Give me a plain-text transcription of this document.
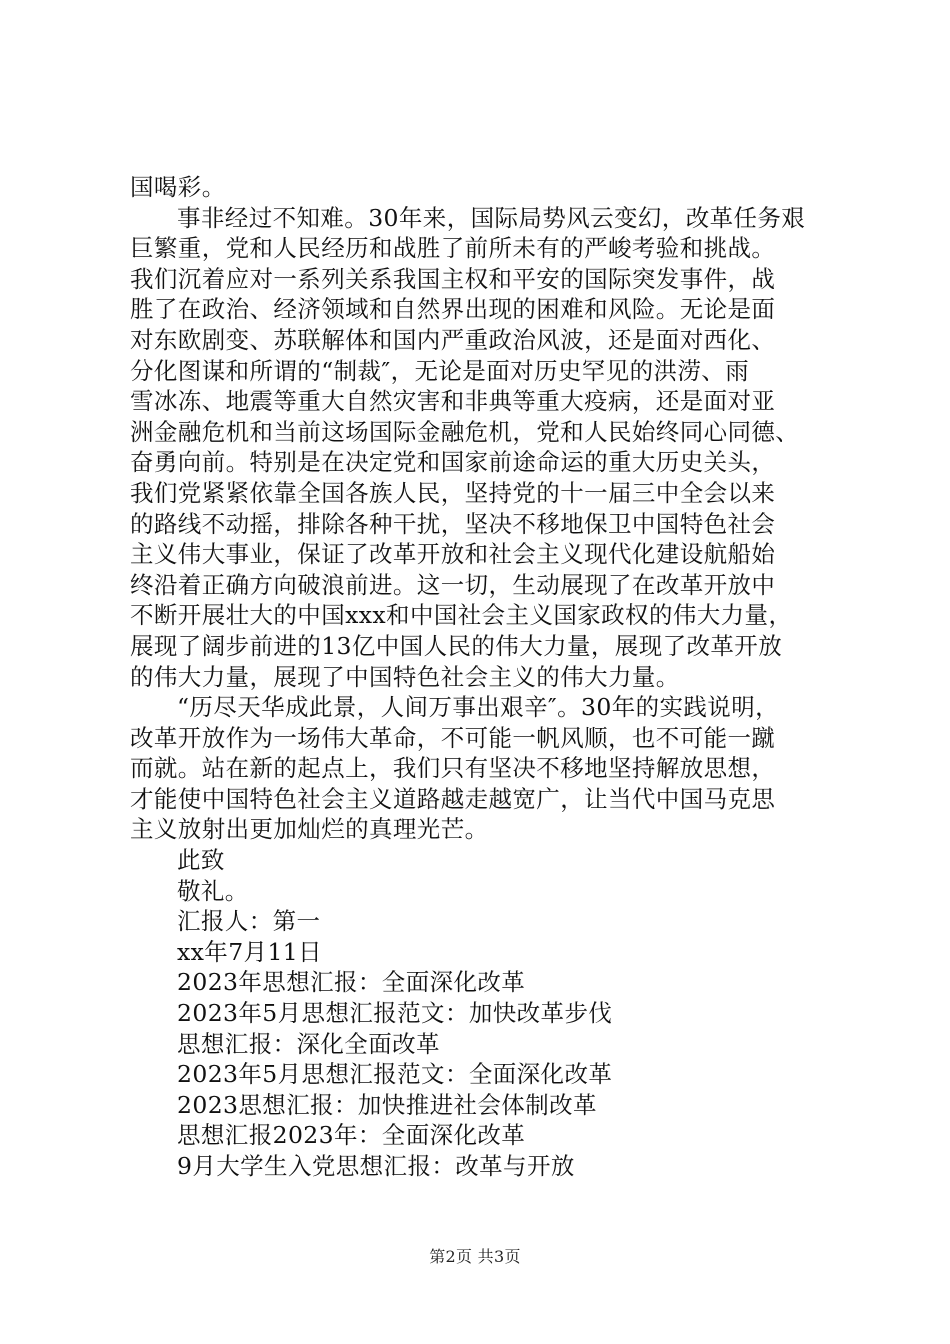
国喝彩。
事非经过不知难。30年来，国际局势风云变幻，改革任务艰
巨繁重，党和人民经历和战胜了前所未有的严峻考验和挑战。
我们沉着应对一系列关系我国主权和平安的国际突发事件，战
胜了在政治、经济领域和自然界出现的困难和风险。无论是面
对东欧剧变、苏联解体和国内严重政治风波，还是面对西化、
分化图谋和所谓的“制裁″，无论是面对历史罕见的洪涝、雨
雪冰冻、地震等重大自然灾害和非典等重大疫病，还是面对亚
洲金融危机和当前这场国际金融危机，党和人民始终同心同德、
奋勇向前。特别是在决定党和国家前途命运的重大历史关头，
我们党紧紧依靠全国各族人民，坚持党的十一届三中全会以来
的路线不动摇，排除各种干扰，坚决不移地保卫中国特色社会
主义伟大事业，保证了改革开放和社会主义现代化建设航船始
终沿着正确方向破浪前进。这一切，生动展现了在改革开放中
不断开展壮大的中国xxx和中国社会主义国家政权的伟大力量，
展现了阔步前进的13亿中国人民的伟大力量，展现了改革开放
的伟大力量，展现了中国特色社会主义的伟大力量。
“历尽天华成此景，人间万事出艰辛″。30年的实践说明，
改革开放作为一场伟大革命，不可能一帆风顺，也不可能一蹴
而就。站在新的起点上，我们只有坚决不移地坚持解放思想，
才能使中国特色社会主义道路越走越宽广，让当代中国马克思
主义放射出更加灿烂的真理光芒。
此致
敬礼。
汇报人：第一
xx年7月11日
2023年思想汇报：全面深化改革
2023年5月思想汇报范文：加快改革步伐
思想汇报：深化全面改革
2023年5月思想汇报范文：全面深化改革
2023思想汇报：加快推进社会体制改革
思想汇报2023年：全面深化改革
9月大学生入党思想汇报：改革与开放
第2页 共3页
